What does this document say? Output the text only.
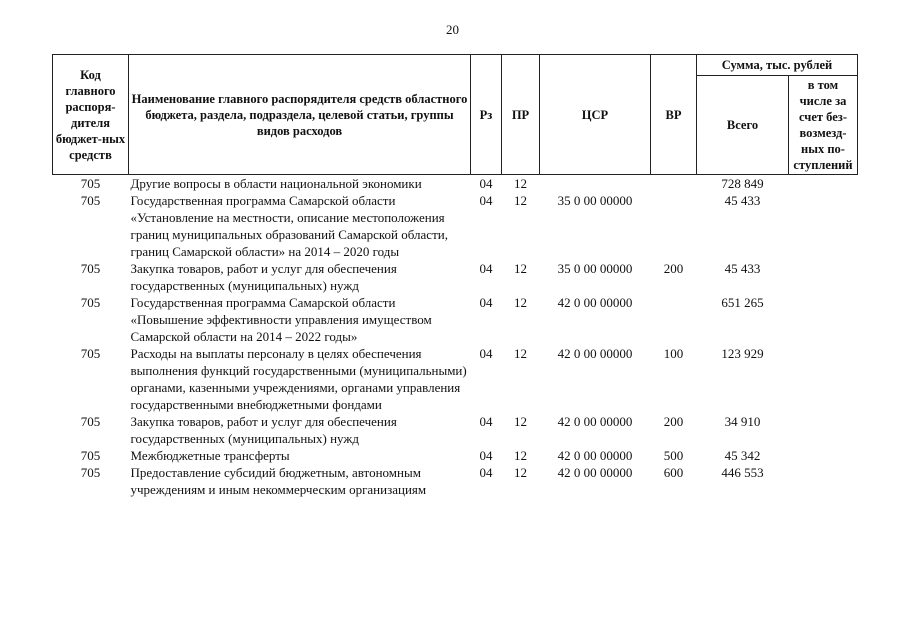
20
Код главного распоря-дителя бюджет-ных средств	Наименование главного распорядителя средств областного бюджета, раздела, подраздела, целевой статьи, группы видов расходов	Рз	ПР	ЦСР	ВР	Сумма, тыс. рублей	
						Всего	в том числе за счет без-возмезд-ных по-ступлений
705	Другие вопросы в области национальной экономики	04	12			728 849	
705	Государственная программа Самарской области «Установление на местности, описание местоположения границ муниципальных образований Самарской области, границ Самарской области» на 2014 – 2020 годы	04	12	35 0 00 00000		45 433	
705	Закупка товаров, работ и услуг для обеспечения государственных (муниципальных) нужд	04	12	35 0 00 00000	200	45 433	
705	Государственная программа Самарской области «Повышение эффективности управления имуществом Самарской области на 2014 – 2022 годы»	04	12	42 0 00 00000		651 265	
705	Расходы на выплаты персоналу в целях обеспечения выполнения функций государственными (муниципальными) органами, казенными учреждениями, органами управления государственными внебюджетными фондами	04	12	42 0 00 00000	100	123 929	
705	Закупка товаров, работ и услуг для обеспечения государственных (муниципальных) нужд	04	12	42 0 00 00000	200	34 910	
705	Межбюджетные трансферты	04	12	42 0 00 00000	500	45 342	
705	Предоставление субсидий бюджетным, автономным учреждениям и иным некоммерческим организациям	04	12	42 0 00 00000	600	446 553	
